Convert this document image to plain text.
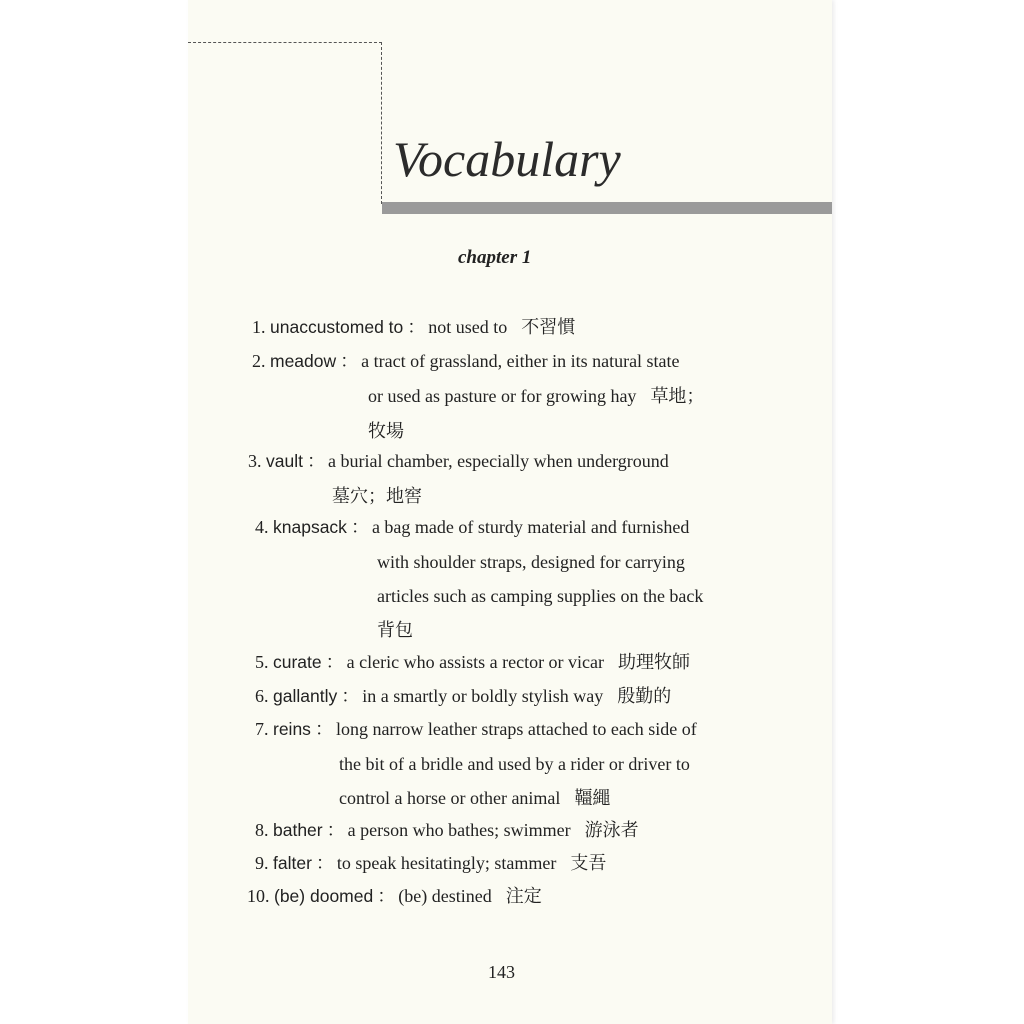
Vocabulary
chapter 1
1. unaccustomed to ： not used to 不習慣
2. meadow ： a tract of grassland, either in its natural state
or used as pasture or for growing hay 草地；
牧場
3. vault ： a burial chamber, especially when underground
墓穴；地窖
4. knapsack ： a bag made of sturdy material and furnished
with shoulder straps, designed for carrying
articles such as camping supplies on the back
背包
5. curate ： a cleric who assists a rector or vicar 助理牧師
6. gallantly ： in a smartly or boldly stylish way 殷勤的
7. reins ： long narrow leather straps attached to each side of
the bit of a bridle and used by a rider or driver to
control a horse or other animal 韁繩
8. bather ： a person who bathes; swimmer 游泳者
9. falter ： to speak hesitatingly; stammer 支吾
10. (be) doomed ： (be) destined 注定
143
